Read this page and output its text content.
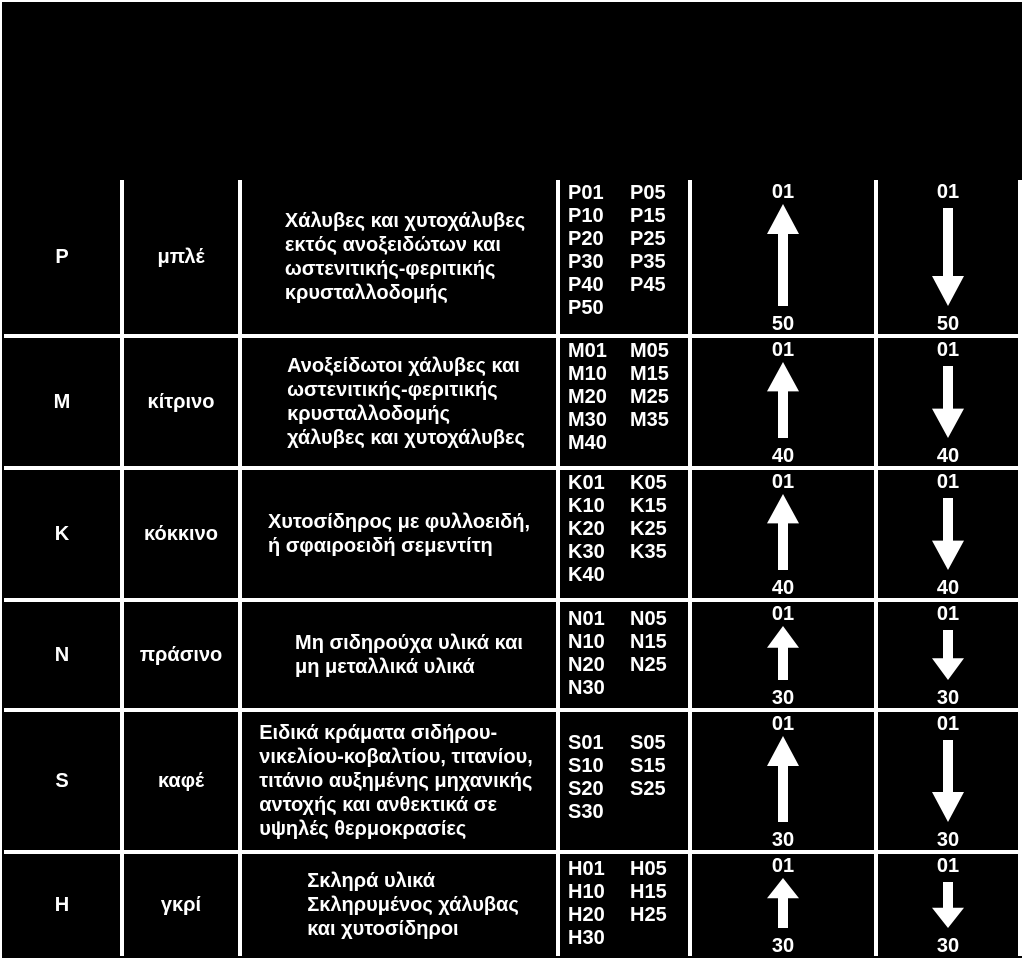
P	μπλέ
Χάλυβες και χυτοχάλυβες
εκτός ανοξειδώτων και
ωστενιτικής-φεριτικής
κρυσταλλοδομής
P01	P05
P10	P15
P20	P25
P30	P35
P40	P45
P50
01
50
01
50
M	κίτρινο
Ανοξείδωτοι χάλυβες και
ωστενιτικής-φεριτικής
κρυσταλλοδομής
χάλυβες και χυτοχάλυβες
M01	M05
M10	M15
M20	M25
M30	M35
M40
01
40
01
40
K	κόκκινο
Χυτοσίδηρος με φυλλοειδή,
ή σφαιροειδή σεμεντίτη
K01	K05
K10	K15
K20	K25
K30	K35
K40
01
40
01
40
N	πράσινο
Μη σιδηρούχα υλικά και
μη μεταλλικά υλικά
N01	N05
N10	N15
N20	N25
N30
01
30
01
30
S	καφέ
Ειδικά κράματα σιδήρου-
νικελίου-κοβαλτίου, τιτανίου,
τιτάνιο αυξημένης μηχανικής
αντοχής και ανθεκτικά σε
υψηλές θερμοκρασίες
S01	S05
S10	S15
S20	S25
S30
01
30
01
30
H	γκρί
Σκληρά υλικά
Σκληρυμένος χάλυβας
και χυτοσίδηροι
H01	H05
H10	H15
H20	H25
H30
01
30
01
30
